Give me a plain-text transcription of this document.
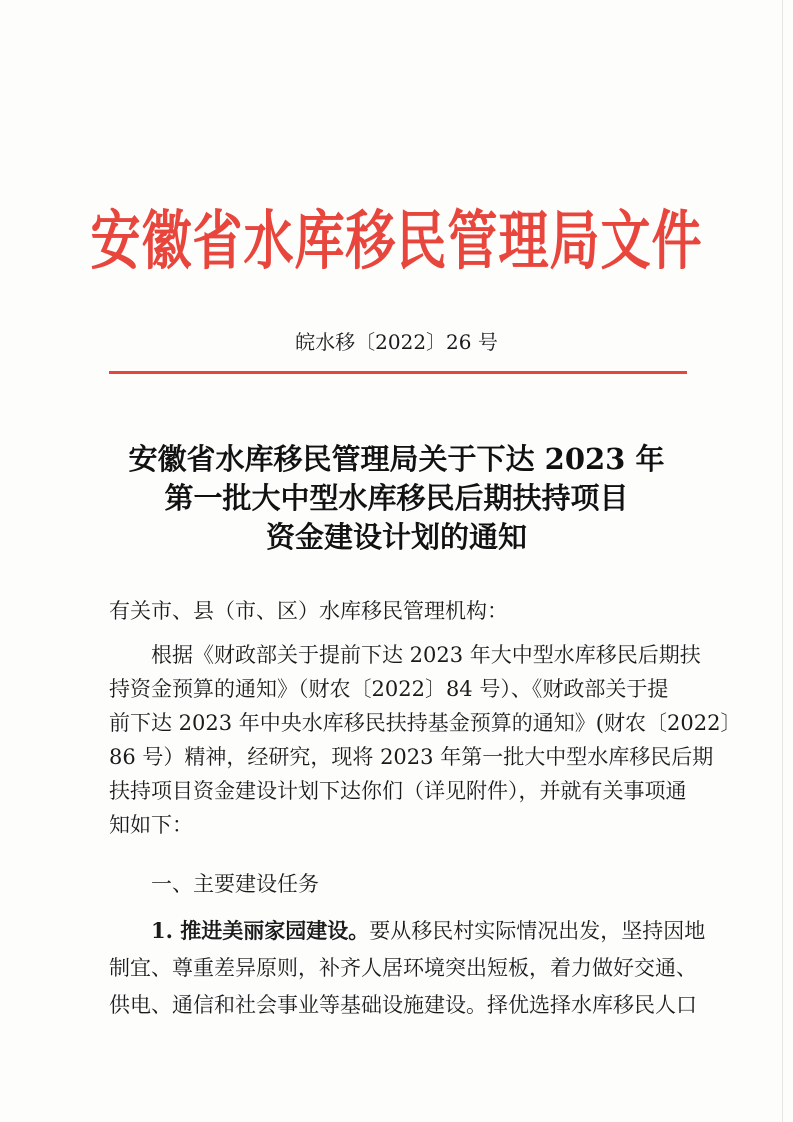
安徽省水库移民管理局文件
皖水移〔2022〕26 号
安徽省水库移民管理局关于下达 2023 年
第一批大中型水库移民后期扶持项目
资金建设计划的通知
有关市、县（市、区）水库移民管理机构：
根据《财政部关于提前下达 2023 年大中型水库移民后期扶
持资金预算的通知》（财农〔2022〕84 号）、《财政部关于提
前下达 2023 年中央水库移民扶持基金预算的通知》(财农〔2022〕
86 号）精神，经研究，现将 2023 年第一批大中型水库移民后期
扶持项目资金建设计划下达你们（详见附件），并就有关事项通
知如下：
一、主要建设任务
1. 推进美丽家园建设。要从移民村实际情况出发，坚持因地
制宜、尊重差异原则，补齐人居环境突出短板，着力做好交通、
供电、通信和社会事业等基础设施建设。择优选择水库移民人口
